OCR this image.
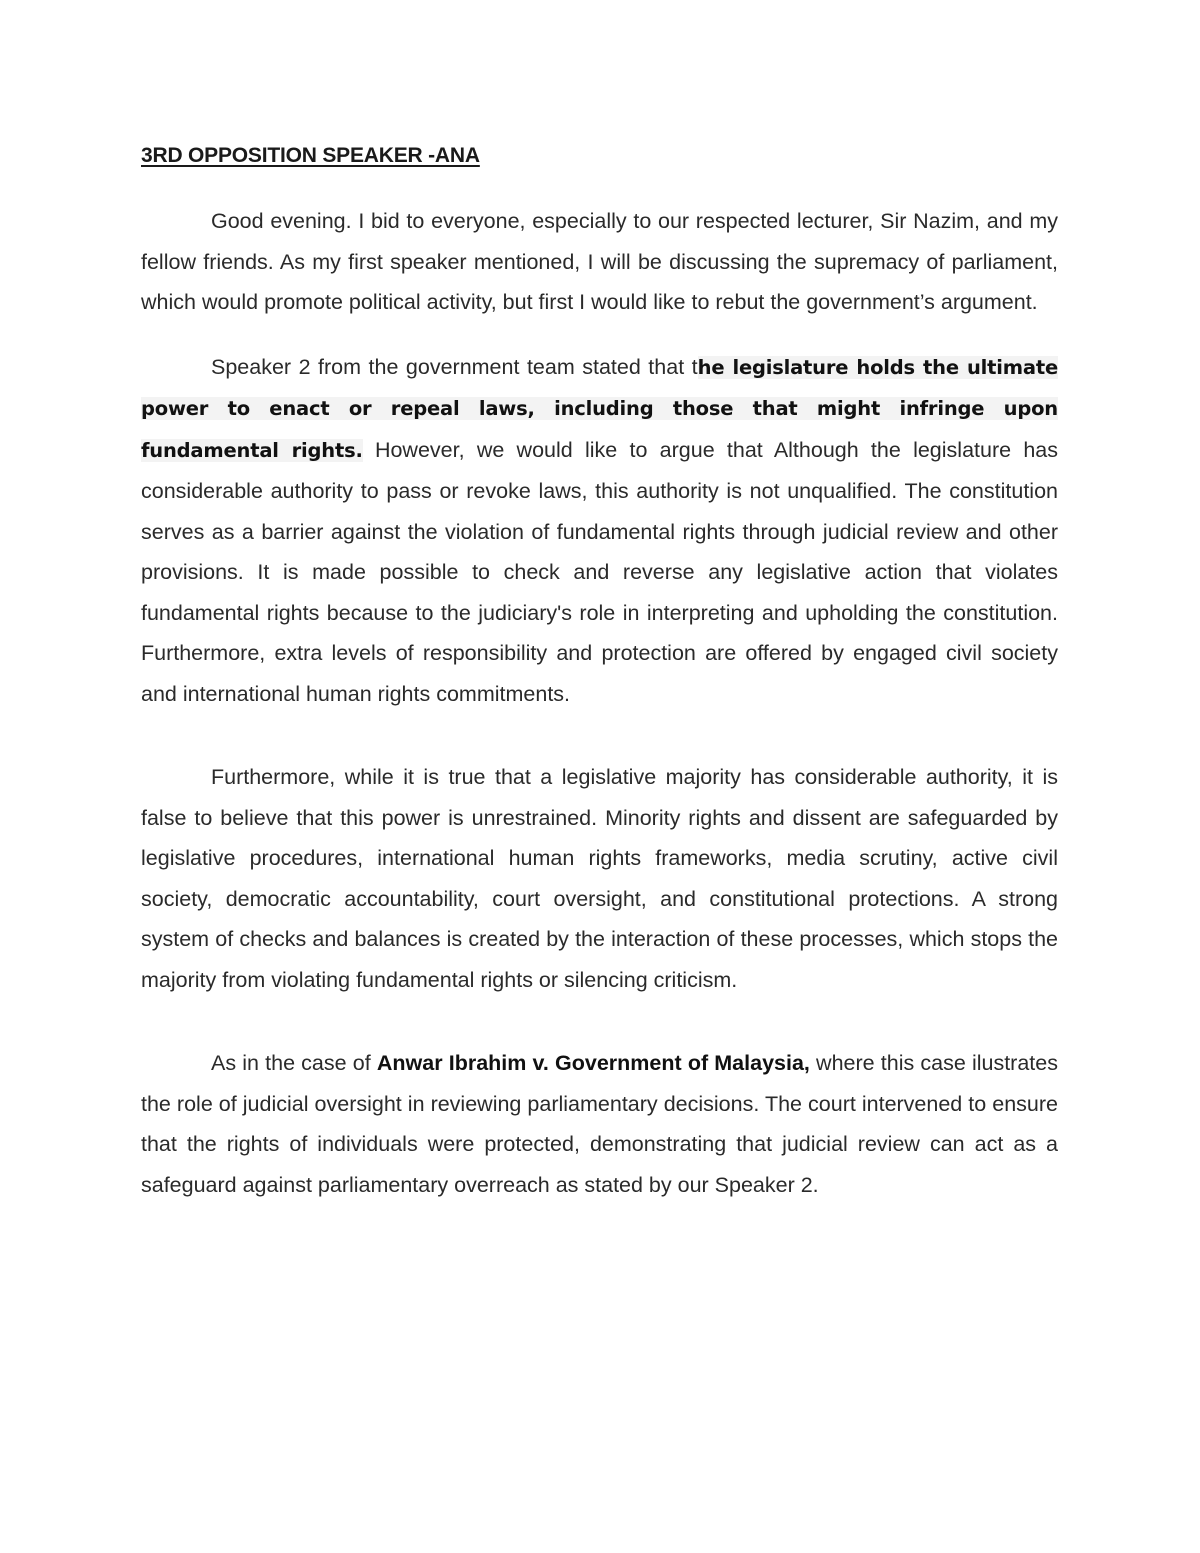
3RD OPPOSITION SPEAKER -ANA

Good evening. I bid to everyone, especially to our respected lecturer, Sir Nazim, and my fellow friends. As my first speaker mentioned, I will be discussing the supremacy of parliament, which would promote political activity, but first I would like to rebut the government’s argument.

Speaker 2 from the government team stated that the legislature holds the ultimate power to enact or repeal laws, including those that might infringe upon fundamental rights. However, we would like to argue that Although the legislature has considerable authority to pass or revoke laws, this authority is not unqualified. The constitution serves as a barrier against the violation of fundamental rights through judicial review and other provisions. It is made possible to check and reverse any legislative action that violates fundamental rights because to the judiciary's role in interpreting and upholding the constitution. Furthermore, extra levels of responsibility and protection are offered by engaged civil society and international human rights commitments.

Furthermore, while it is true that a legislative majority has considerable authority, it is false to believe that this power is unrestrained. Minority rights and dissent are safeguarded by legislative procedures, international human rights frameworks, media scrutiny, active civil society, democratic accountability, court oversight, and constitutional protections. A strong system of checks and balances is created by the interaction of these processes, which stops the majority from violating fundamental rights or silencing criticism.

As in the case of Anwar Ibrahim v. Government of Malaysia, where this case ilustrates the role of judicial oversight in reviewing parliamentary decisions. The court intervened to ensure that the rights of individuals were protected, demonstrating that judicial review can act as a safeguard against parliamentary overreach as stated by our Speaker 2.
